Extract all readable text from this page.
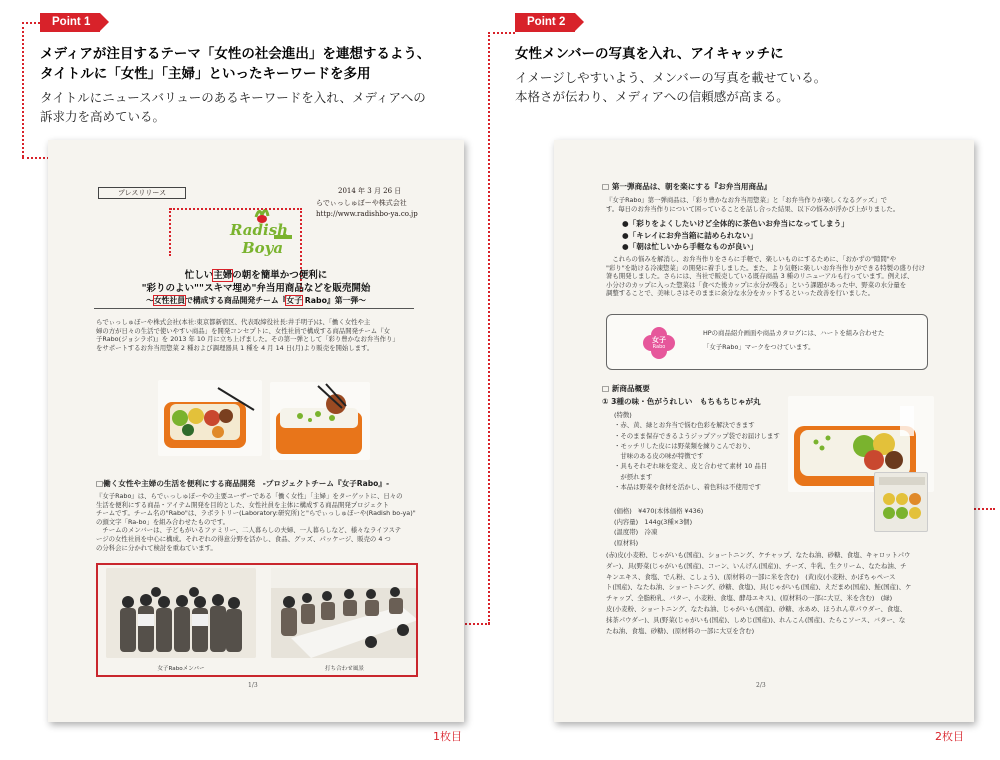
Point 1
メディアが注目するテーマ「女性の社会進出」を連想するよう、
タイトルに「女性」「主婦」といったキーワードを多用
タイトルにニュースバリューのあるキーワードを入れ、メディアへの
訴求力を高めている。
Point 2
女性メンバーの写真を入れ、アイキャッチに
イメージしやすいよう、メンバーの写真を載せている。
本格さが伝わり、メディアへの信頼感が高まる。
プレスリリース	2014 年 3 月 26 日
らでぃっしゅぼーや株式会社
http://www.radishbo-ya.co.jp
Radish
Boya
忙しい主婦の朝を簡単かつ便利に
"彩りのよい""スキマ埋め"弁当用商品などを販売開始
～女性社員で構成する商品開発チーム『女子 Rabo』第一弾～
らでぃっしゅぼーや株式会社(本社:東京都新宿区、代表取締役社長:井手明子)は、「働く女性や主
婦の方が日々の生活で使いやすい商品」を開発コンセプトに、女性社員で構成する商品開発チーム『女
子Rabo(ジョシラボ)』を 2013 年 10 月に立ち上げました。その第一弾として「彩り豊かなお弁当作り」
をサポートするお弁当用惣菜 2 種および調理器具 1 種を 4 月 14 日(月)より販売を開始します。
□働く女性や主婦の生活を便利にする商品開発　-プロジェクトチーム『女子Rabo』-
『女子Rabo』は、らでぃっしゅぼーやの主要ユーザーである「働く女性」「主婦」をターゲットに、日々の
生活を便利にする商品・アイテム開発を目的とした、女性社員を主体に構成する商品開発プロジェクト
チームです。チーム名の"Rabo"は、ラボラトリー(Laboratory:研究所)と"らでぃっしゅぼーや(Radish bo-ya)"
の頭文字「Ra-bo」を組み合わせたものです。
　チームのメンバーは、子どもがいるファミリー、二人暮らしの夫婦、一人暮らしなど、様々なライフステ
ージの女性社員を中心に構成。それぞれの得意分野を活かし、食品、グッズ、パッケージ、販売の 4 つ
の分科会に分かれて検討を重ねています。
女子Raboメンバー	打ち合わせ風景
1/3
1枚目
□ 第一弾商品は、朝を楽にする『お弁当用商品』
『女子Rabo』第一弾商品は、「彩り豊かなお弁当用惣菜」と「お弁当作りが楽しくなるグッズ」で
す。毎日のお弁当作りについて困っていることを話し合った結果、以下の悩みが浮かび上がりました。
●「彩りをよくしたいけど全体的に茶色いお弁当になってしまう」
●「キレイにお弁当箱に詰められない」
●「朝は忙しいから手軽なものが良い」
　これらの悩みを解消し、お弁当作りをさらに手軽で、楽しいものにするために、「おかずの"隙間"や
"彩り"を助ける冷凍惣菜」の開発に着手しました。また、より気軽に楽しいお弁当作りができる特製の盛り付け
箸も開発しました。さらには、当社で販売している既存商品 3 種のリニューアルも行っています。例えば、
小分けのカップに入った惣菜は「食べた後カップに水分が残る」という課題があった中、野菜の水分量を
調整することで、美味しさはそのままに余分な水分をカットするといった改善を行いました。
女子
Rabo
HPの商品紹介画面や商品カタログには、ハートを組み合わせた
「女子Rabo」マークをつけています。
□ 新商品概要
① 3種の味・色がうれしい　もちもちじゃが丸
(特徴)
・赤、黄、緑とお弁当で悩む色彩を解決できます
・そのまま保存できるようジップアップ袋でお届けします
・モッチリした皮には野菜類を練りこんでおり、
　甘味のある皮の味が特徴です
・具もそれぞれ味を変え、皮と合わせて素材 10 品目
　が摂れます
・本品は野菜や食材を活かし、着色料は不使用です
(価格)　¥470(本体価格 ¥436)
(内容量)　144g(3種×3個)
(温度帯)　冷凍
(原材料)
(赤)皮(小麦粉、じゃがいも(国産)、ショートニング、ケチャップ、なたね油、砂糖、食塩、キャロットパウ
ダー)、具(野菜(じゃがいも(国産)、コーン、いんげん(国産))、チーズ、牛乳、生クリーム、なたね油、チ
キンエキス、食塩、でん粉、こしょう)、(原材料の一部に米を含む)　(黄)皮(小麦粉、かぼちゃペース
ト(国産)、なたね油、ショートニング、砂糖、食塩)、具(じゃがいも(国産)、えだまめ(国産)、鮭(国産)、ケ
チャップ、全脂粉乳、バター、小麦粉、食塩、酵母エキス)、(原材料の一部に大豆、米を含む)　(緑)
皮(小麦粉、ショートニング、なたね油、じゃがいも(国産)、砂糖、水あめ、ほうれん草パウダー、食塩、
抹茶パウダー)、具(野菜(じゃがいも(国産)、しめじ(国産))、れんこん(国産)、たらこソース、バター、な
たね油、食塩、砂糖)、(原材料の一部に大豆を含む)
2/3
2枚目
